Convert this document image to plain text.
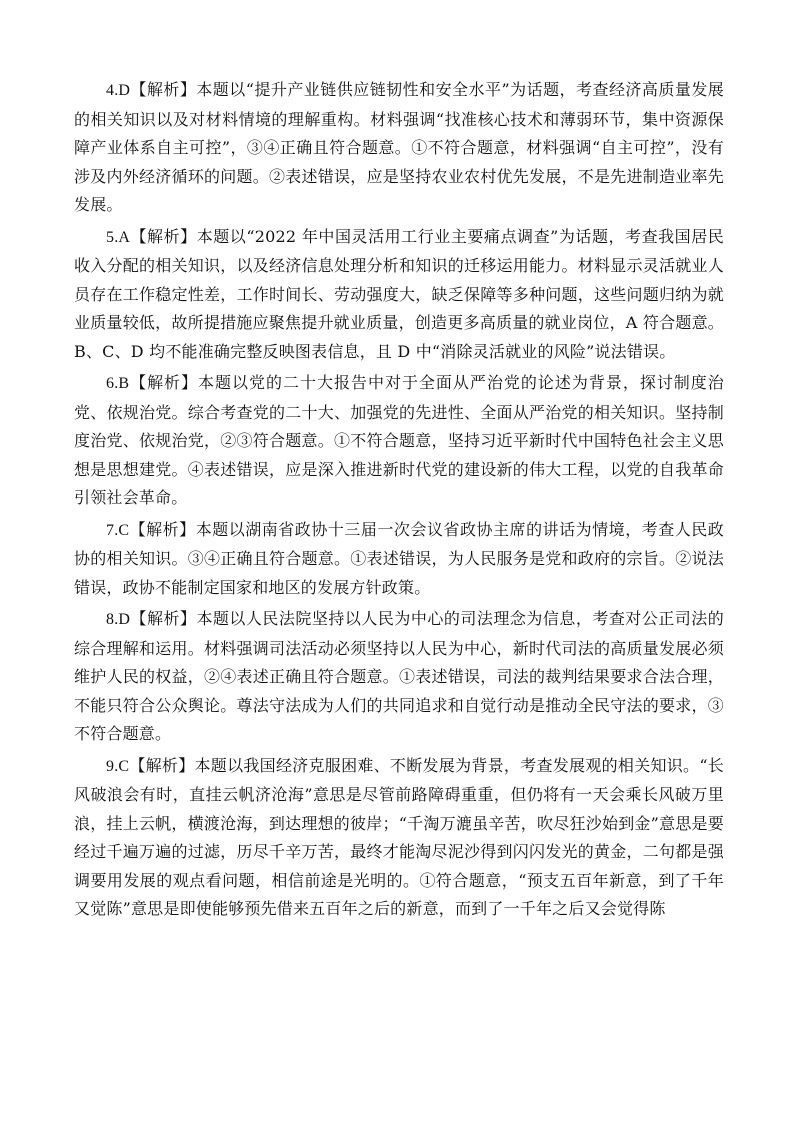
4.D【解析】本题以“提升产业链供应链韧性和安全水平”为话题，考查经济高质量发展的相关知识以及对材料情境的理解重构。材料强调“找准核心技术和薄弱环节，集中资源保障产业体系自主可控”，③④正确且符合题意。①不符合题意，材料强调“自主可控”，没有涉及内外经济循环的问题。②表述错误，应是坚持农业农村优先发展，不是先进制造业率先发展。

5.A【解析】本题以“2022 年中国灵活用工行业主要痛点调查”为话题，考查我国居民收入分配的相关知识，以及经济信息处理分析和知识的迁移运用能力。材料显示灵活就业人员存在工作稳定性差，工作时间长、劳动强度大，缺乏保障等多种问题，这些问题归纳为就业质量较低，故所提措施应聚焦提升就业质量，创造更多高质量的就业岗位，A 符合题意。B、C、D 均不能准确完整反映图表信息，且 D 中“消除灵活就业的风险”说法错误。

6.B【解析】本题以党的二十大报告中对于全面从严治党的论述为背景，探讨制度治党、依规治党。综合考查党的二十大、加强党的先进性、全面从严治党的相关知识。坚持制度治党、依规治党，②③符合题意。①不符合题意，坚持习近平新时代中国特色社会主义思想是思想建党。④表述错误，应是深入推进新时代党的建设新的伟大工程，以党的自我革命引领社会革命。

7.C【解析】本题以湖南省政协十三届一次会议省政协主席的讲话为情境，考查人民政协的相关知识。③④正确且符合题意。①表述错误，为人民服务是党和政府的宗旨。②说法错误，政协不能制定国家和地区的发展方针政策。

8.D【解析】本题以人民法院坚持以人民为中心的司法理念为信息，考查对公正司法的综合理解和运用。材料强调司法活动必须坚持以人民为中心，新时代司法的高质量发展必须维护人民的权益，②④表述正确且符合题意。①表述错误，司法的裁判结果要求合法合理，不能只符合公众舆论。尊法守法成为人们的共同追求和自觉行动是推动全民守法的要求，③不符合题意。

9.C【解析】本题以我国经济克服困难、不断发展为背景，考查发展观的相关知识。“长风破浪会有时，直挂云帆济沧海”意思是尽管前路障碍重重，但仍将有一天会乘长风破万里浪，挂上云帆，横渡沧海，到达理想的彼岸；“千淘万漉虽辛苦，吹尽狂沙始到金”意思是要经过千遍万遍的过滤，历尽千辛万苦，最终才能淘尽泥沙得到闪闪发光的黄金，二句都是强调要用发展的观点看问题，相信前途是光明的。①符合题意，“预支五百年新意，到了千年又觉陈”意思是即使能够预先借来五百年之后的新意，而到了一千年之后又会觉得陈
